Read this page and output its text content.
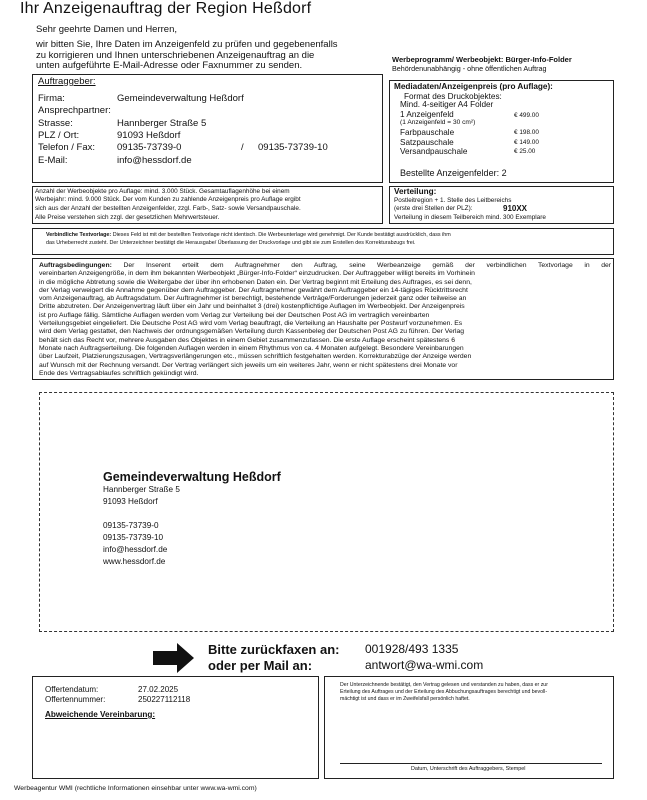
Ihr Anzeigenauftrag der Region Heßdorf
Sehr geehrte Damen und Herren,
wir bitten Sie, Ihre Daten im Anzeigenfeld zu prüfen und gegebenenfalls
zu korrigieren und Ihnen unterschriebenen Anzeigenauftrag an die
unten aufgeführte E-Mail-Adresse oder Faxnummer zu senden.
Werbeprogramm/ Werbeobjekt: Bürger-Info-Folder
Behördenunabhängig - ohne öffentlichen Auftrag
Auftraggeber:
Firma:	Gemeindeverwaltung Heßdorf
Ansprechpartner:
Strasse:	Hannberger Straße 5
PLZ / Ort:	91093 Heßdorf
Telefon / Fax: 09135-73739-0	/ 09135-73739-10
E-Mail:	info@hessdorf.de
Mediadaten/Anzeigenpreis (pro Auflage):
Format des Druckobjektes:
Mind. 4-seitiger A4 Folder
1 Anzeigenfeld	€ 499.00
(1 Anzeigenfeld = 30 cm²)
Farbpauschale	€ 198.00
Satzpauschale	€ 149.00
Versandpauschale	€ 25.00
Bestellte Anzeigenfelder: 2
Anzahl der Werbeobjekte pro Auflage: mind. 3.000 Stück. Gesamtauflagenhöhe bei einem
Werbejahr: mind. 9.000 Stück. Der vom Kunden zu zahlende Anzeigenpreis pro Auflage ergibt
sich aus der Anzahl der bestellten Anzeigenfelder, zzgl. Farb-, Satz- sowie Versandpauschale.
Alle Preise verstehen sich zzgl. der gesetzlichen Mehrwertsteuer.
Verteilung:
Postleitregion + 1. Stelle des Leitbereichs
(erste drei Stellen der PLZ):	910XX
Verteilung in diesem Teilbereich mind. 300 Exemplare
Verbindliche Textvorlage: Dieses Feld ist mit der bestellten Textvorlage nicht identisch. Die Werbeunterlage wird genehmigt. Der Kunde bestätigt ausdrücklich, dass ihm
das Urheberrecht zusteht. Der Unterzeichner bestätigt die Herausgabe/ Überlassung der Druckvorlage und gibt sie zum Erstellen des Korrekturabzugs frei.
Auftragsbedingungen: Der Inserent erteilt dem Auftragnehmer den Auftrag, seine Werbeanzeige gemäß der verbindlichen Textvorlage in der
vereinbarten Anzeigengröße, in dem ihm bekannten Werbeobjekt „Bürger-Info-Folder“ einzudrucken. Der Auftraggeber willigt bereits im Vorhinein
in die mögliche Abtretung sowie die Weitergabe der über ihn erhobenen Daten ein. Der Vertrag beginnt mit Erteilung des Auftrages, es sei denn,
der Verlag verweigert die Annahme gegenüber dem Auftraggeber. Der Auftragnehmer gewährt dem Auftraggeber ein 14-tägiges Rücktrittsrecht
vom Anzeigenauftrag, ab Auftragsdatum. Der Auftragnehmer ist berechtigt, bestehende Verträge/Forderungen jederzeit ganz oder teilweise an
Dritte abzutreten. Der Anzeigenvertrag läuft über ein Jahr und beinhaltet 3 (drei) kostenpflichtige Auflagen im Werbeobjekt. Der Anzeigenpreis
ist pro Auflage fällig. Sämtliche Auflagen werden vom Verlag zur Verteilung bei der Deutschen Post AG im vertraglich vereinbarten
Verteilungsgebiet eingeliefert. Die Deutsche Post AG wird vom Verlag beauftragt, die Verteilung an Haushalte per Postwurf vorzunehmen. Es
wird dem Verlag gestattet, den Nachweis der ordnungsgemäßen Verteilung durch Kassenbeleg der Deutschen Post AG zu führen. Der Verlag
behält sich das Recht vor, mehrere Ausgaben des Objektes in einem Gebiet zusammenzufassen. Die erste Auflage erscheint spätestens 6
Monate nach Auftragserteilung. Die folgenden Auflagen werden in einem Rhythmus von ca. 4 Monaten aufgelegt. Besondere Vereinbarungen
über Laufzeit, Platzierungszusagen, Vertragsverlängerungen etc., müssen schriftlich festgehalten werden. Korrekturabzüge der Anzeige werden
auf Wunsch mit der Rechnung versandt. Der Vertrag verlängert sich jeweils um ein weiteres Jahr, wenn er nicht spätestens drei Monate vor
Ende des Vertragsablaufes schriftlich gekündigt wird.
Gemeindeverwaltung Heßdorf
Hannberger Straße 5
91093 Heßdorf
09135-73739-0
09135-73739-10
info@hessdorf.de
www.hessdorf.de
Bitte zurückfaxen an: 001928/493 1335
oder per Mail an:	antwort@wa-wmi.com
Offertendatum:	27.02.2025
Offertennummer:	250227112118
Abweichende Vereinbarung:
Der Unterzeichnende bestätigt, den Vertrag gelesen und verstanden zu haben, dass er zur
Erteilung des Auftrages und der Erteilung des Abbuchungsauftrages berechtigt und bevoll-
mächtigt ist und dass er im Zweifelsfall persönlich haftet.
Datum, Unterschrift des Auftraggebers, Stempel
Werbeagentur WMI (rechtliche Informationen einsehbar unter www.wa-wmi.com)
